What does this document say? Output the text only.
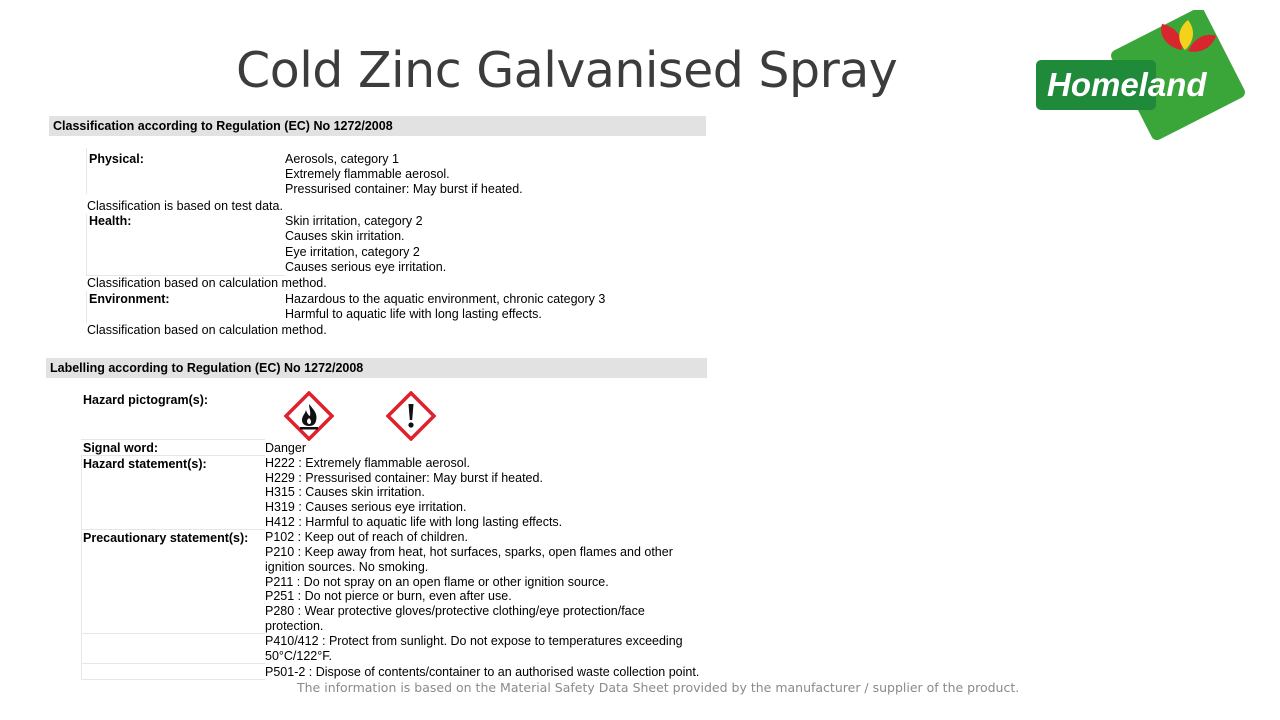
Cold Zinc Galvanised Spray	Homeland
Classification according to Regulation (EC) No 1272/2008
Physical:	Aerosols, category 1
Extremely flammable aerosol.
Pressurised container: May burst if heated.
Classification is based on test data.
Health:	Skin irritation, category 2
Causes skin irritation.
Eye irritation, category 2
Causes serious eye irritation.
Classification based on calculation method.
Environment:	Hazardous to the aquatic environment, chronic category 3
Harmful to aquatic life with long lasting effects.
Classification based on calculation method.
Labelling according to Regulation (EC) No 1272/2008
Hazard pictogram(s):
Signal word:	Danger
Hazard statement(s):	H222 : Extremely flammable aerosol.
H229 : Pressurised container: May burst if heated.
H315 : Causes skin irritation.
H319 : Causes serious eye irritation.
H412 : Harmful to aquatic life with long lasting effects.
Precautionary statement(s): P102 : Keep out of reach of children.
P210 : Keep away from heat, hot surfaces, sparks, open flames and other
ignition sources. No smoking.
P211 : Do not spray on an open flame or other ignition source.
P251 : Do not pierce or burn, even after use.
P280 : Wear protective gloves/protective clothing/eye protection/face
protection.
P410/412 : Protect from sunlight. Do not expose to temperatures exceeding
50°C/122°F.
P501-2 : Dispose of contents/container to an authorised waste collection point.
The information is based on the Material Safety Data Sheet provided by the manufacturer / supplier of the product.
